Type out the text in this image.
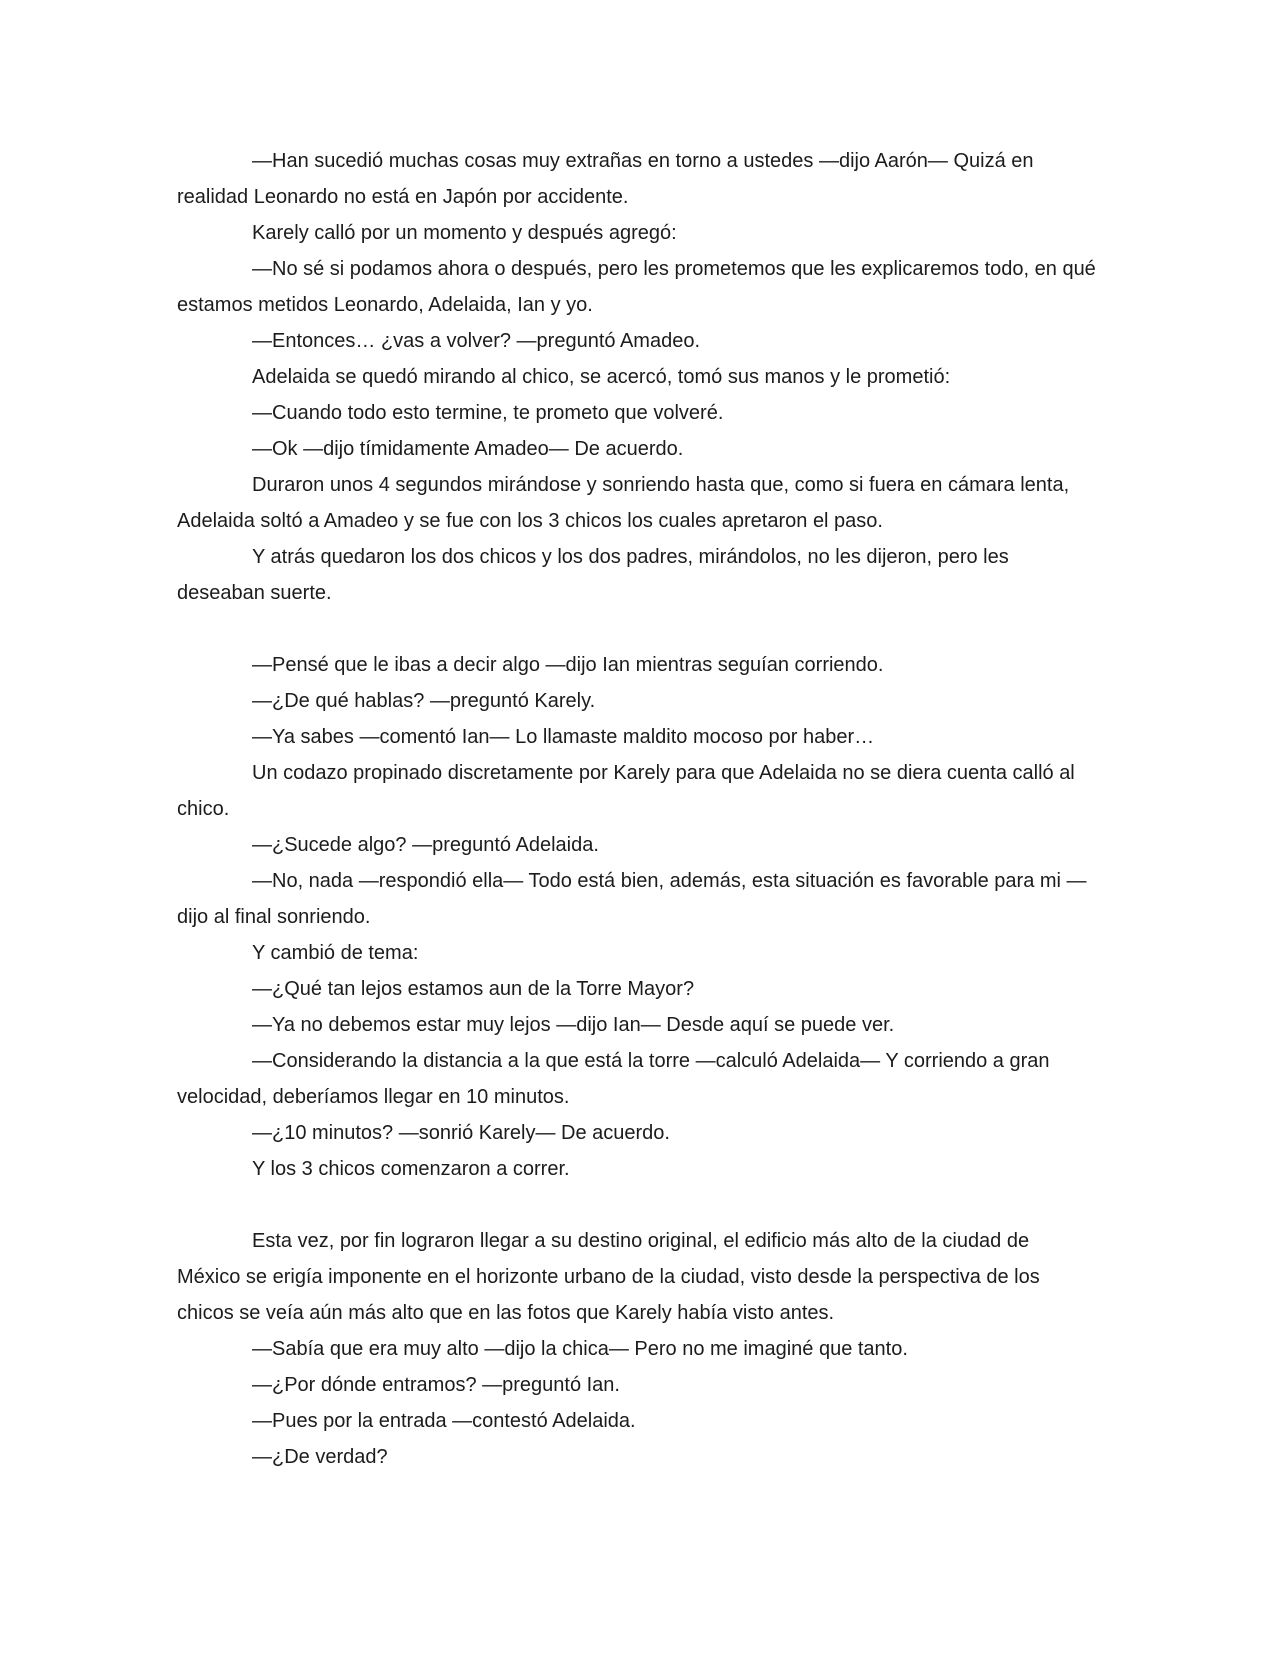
—Han sucedió muchas cosas muy extrañas en torno a ustedes —dijo Aarón— Quizá en realidad Leonardo no está en Japón por accidente.

Karely calló por un momento y después agregó:

—No sé si podamos ahora o después, pero les prometemos que les explicaremos todo, en qué estamos metidos Leonardo, Adelaida, Ian y yo.

—Entonces… ¿vas a volver? —preguntó Amadeo.

Adelaida se quedó mirando al chico, se acercó, tomó sus manos y le prometió:

—Cuando todo esto termine, te prometo que volveré.

—Ok —dijo tímidamente Amadeo— De acuerdo.

Duraron unos 4 segundos mirándose y sonriendo hasta que, como si fuera en cámara lenta, Adelaida soltó a Amadeo y se fue con los 3 chicos los cuales apretaron el paso.

Y atrás quedaron los dos chicos y los dos padres, mirándolos, no les dijeron, pero les deseaban suerte.

—Pensé que le ibas a decir algo —dijo Ian mientras seguían corriendo.

—¿De qué hablas? —preguntó Karely.

—Ya sabes —comentó Ian— Lo llamaste maldito mocoso por haber…

Un codazo propinado discretamente por Karely para que Adelaida no se diera cuenta calló al chico.

—¿Sucede algo? —preguntó Adelaida.

—No, nada —respondió ella— Todo está bien, además, esta situación es favorable para mi —dijo al final sonriendo.

Y cambió de tema:

—¿Qué tan lejos estamos aun de la Torre Mayor?

—Ya no debemos estar muy lejos —dijo Ian— Desde aquí se puede ver.

—Considerando la distancia a la que está la torre —calculó Adelaida— Y corriendo a gran velocidad, deberíamos llegar en 10 minutos.

—¿10 minutos? —sonrió Karely— De acuerdo.

Y los 3 chicos comenzaron a correr.

Esta vez, por fin lograron llegar a su destino original, el edificio más alto de la ciudad de México se erigía imponente en el horizonte urbano de la ciudad, visto desde la perspectiva de los chicos se veía aún más alto que en las fotos que Karely había visto antes.

—Sabía que era muy alto —dijo la chica— Pero no me imaginé que tanto.

—¿Por dónde entramos? —preguntó Ian.

—Pues por la entrada —contestó Adelaida.

—¿De verdad?
